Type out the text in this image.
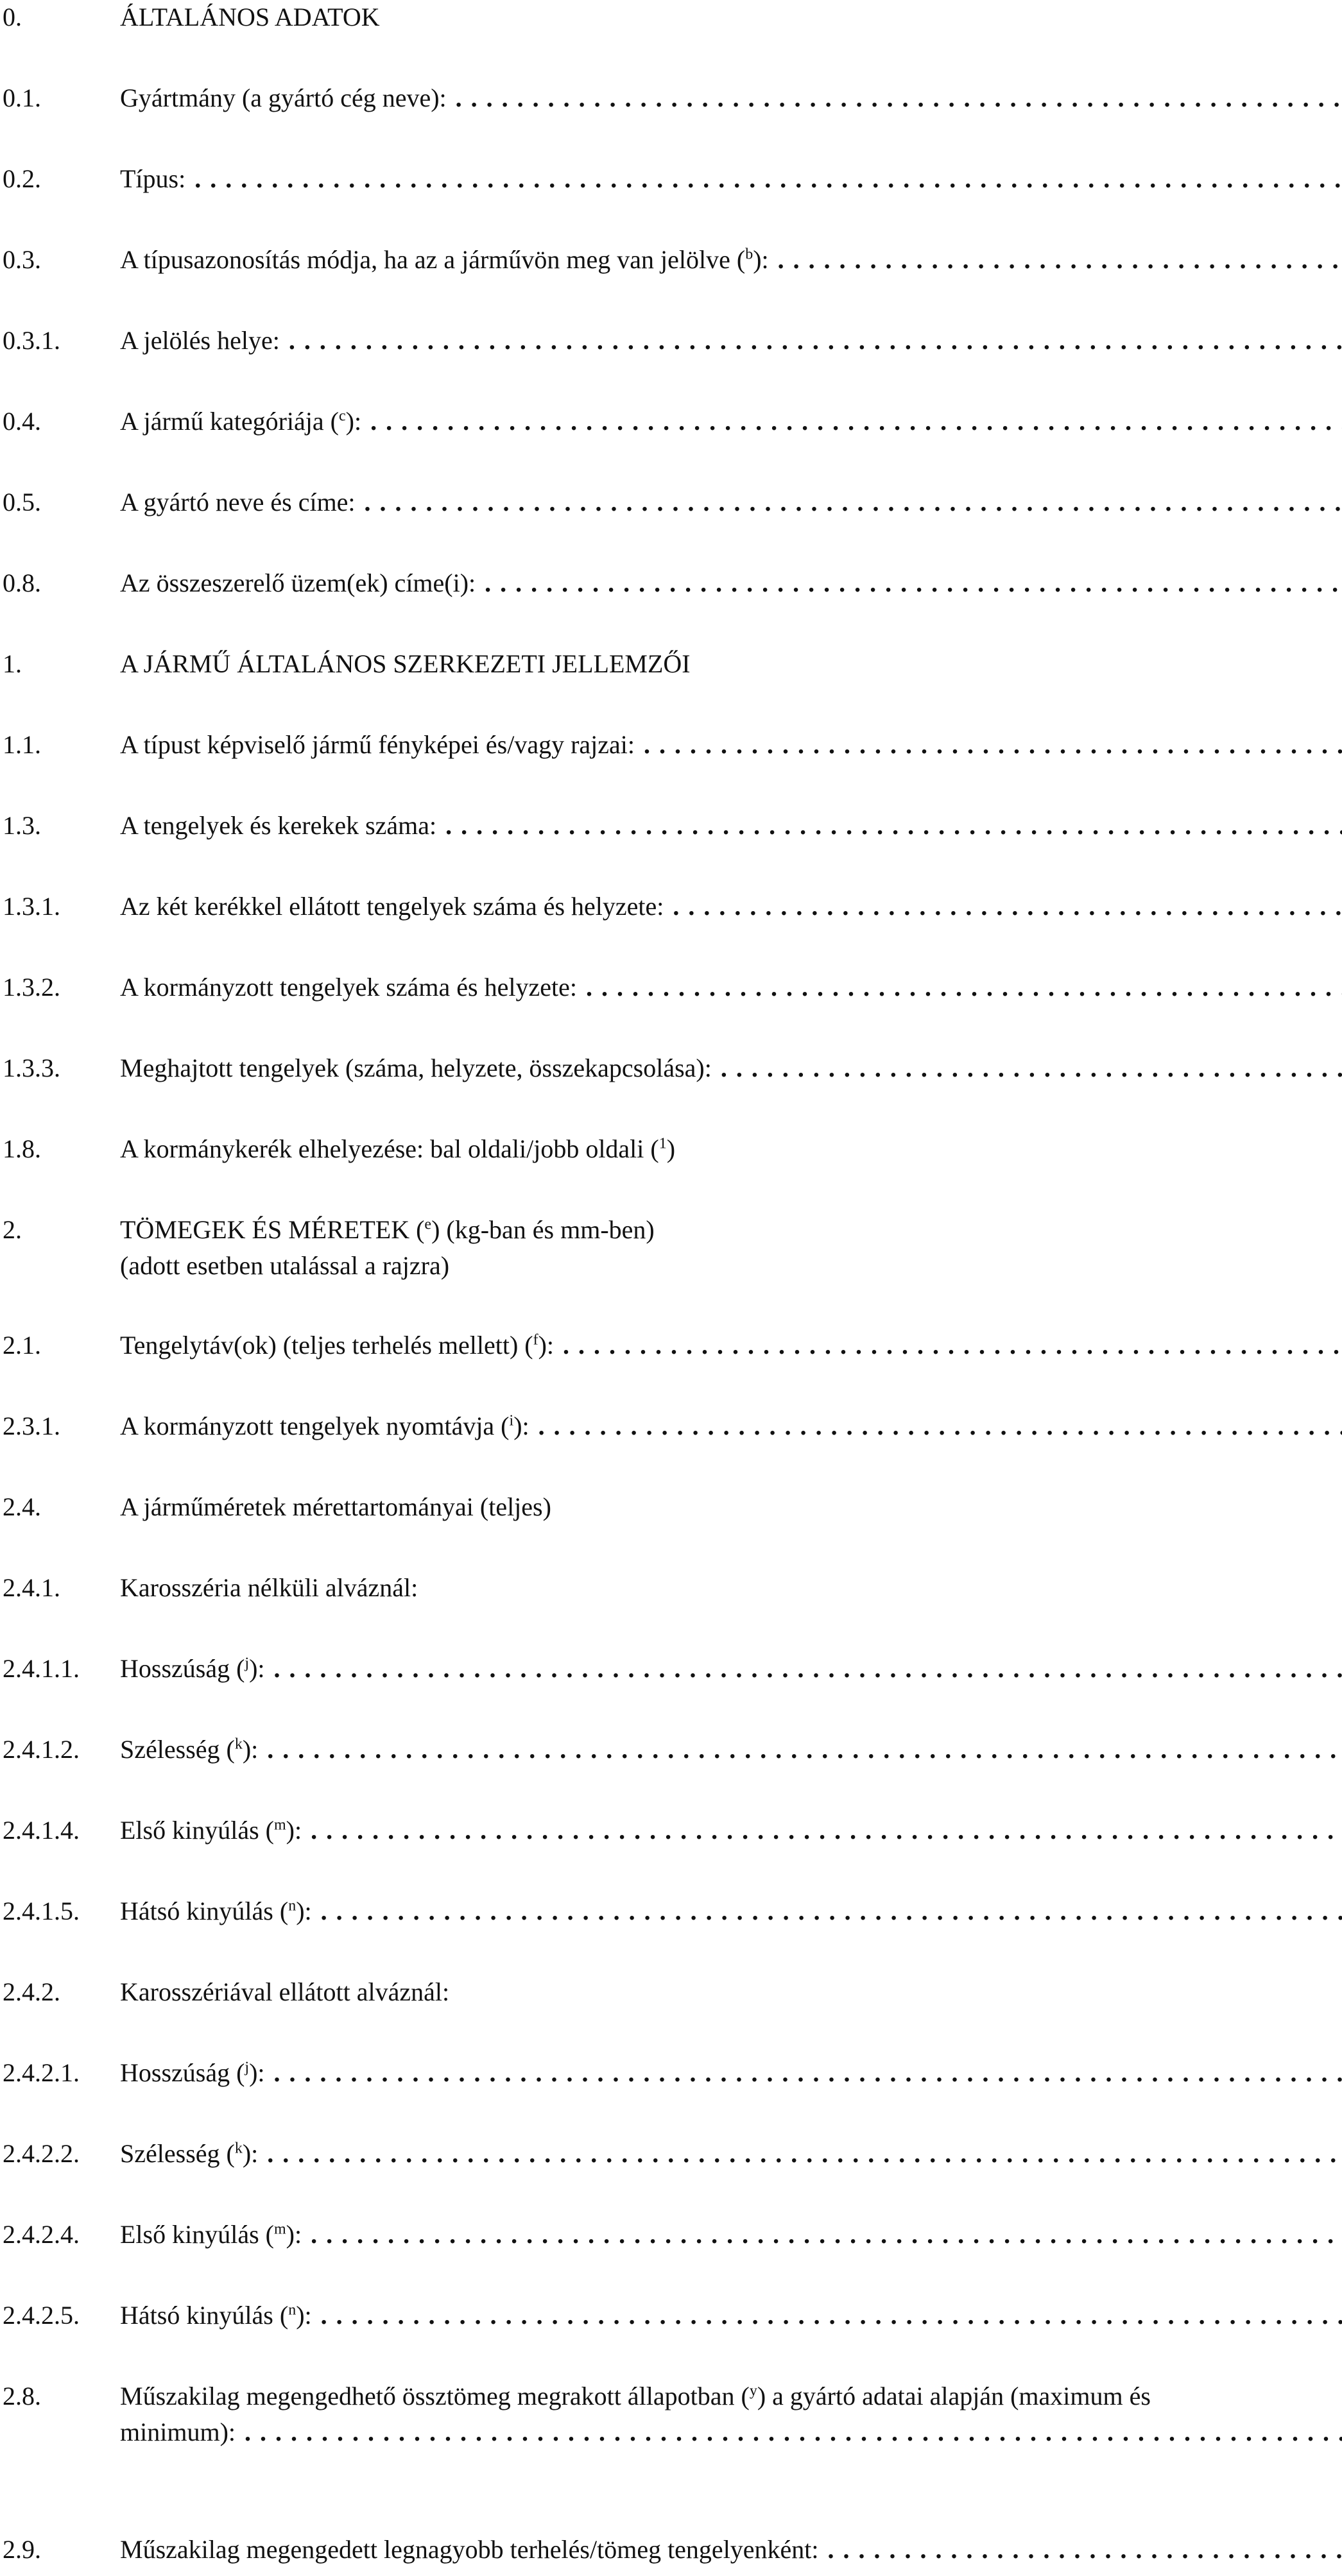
0.	ÁLTALÁNOS ADATOK
0.1.	Gyártmány (a gyártó cég neve):
.....
0.2.	Típus:
.....
0.3.	A típusazonosítás módja, ha az a járművön meg van jelölve ($^b$):
.....
0.3.1. A jelölés helye:
.....
0.4.	A jármű kategóriája ($^c$):
.....
0.5.	A gyártó neve és címe:
.....
0.8.	Az összeszerelő üzem(ek) címe(i):
.....
1.	A JÁRMŰ ÁLTALÁNOS SZERKEZETI JELLEMZŐI
1.1.	A típust képviselő jármű fényképei és/vagy rajzai:
.....
1.3.	A tengelyek és kerekek száma:
.....
1.3.1. Az két kerékkel ellátott tengelyek száma és helyzete:
.....
1.3.2. A kormányzott tengelyek száma és helyzete:
.....
1.3.3. Meghajtott tengelyek (száma, helyzete, összekapcsolása):
.....
1.8.	A kormánykerék elhelyezése: bal oldali/jobb oldali ($^1$)
2.	TÖMEGEK ÉS MÉRETEK ($^e$) (kg-ban és mm-ben)
(adott esetben utalással a rajzra)
2.1.	Tengelytáv(ok) (teljes terhelés mellett) ($^f$):
.....
2.3.1. A kormányzott tengelyek nyomtávja ($^i$):
.....
2.4.	A járműméretek mérettartományai (teljes)
2.4.1. Karosszéria nélküli alváznál:
2.4.1.1. Hosszúság ($^j$):
.....
2.4.1.2. Szélesség ($^k$):
.....
2.4.1.4. Első kinyúlás ($^m$):
.....
2.4.1.5. Hátsó kinyúlás ($^n$):
.....
2.4.2. Karosszériával ellátott alváznál:
2.4.2.1. Hosszúság ($^j$):
.....
2.4.2.2. Szélesség ($^k$):
.....
2.4.2.4. Első kinyúlás ($^m$):
.....
2.4.2.5. Hátsó kinyúlás ($^n$):
.....
2.8.	Műszakilag megengedhető össztömeg megrakott állapotban ($^y$) a gyártó adatai alapján (maximum és
minimum):
.....
2.9.	Műszakilag megengedett legnagyobb terhelés/tömeg tengelyenként:
.....
